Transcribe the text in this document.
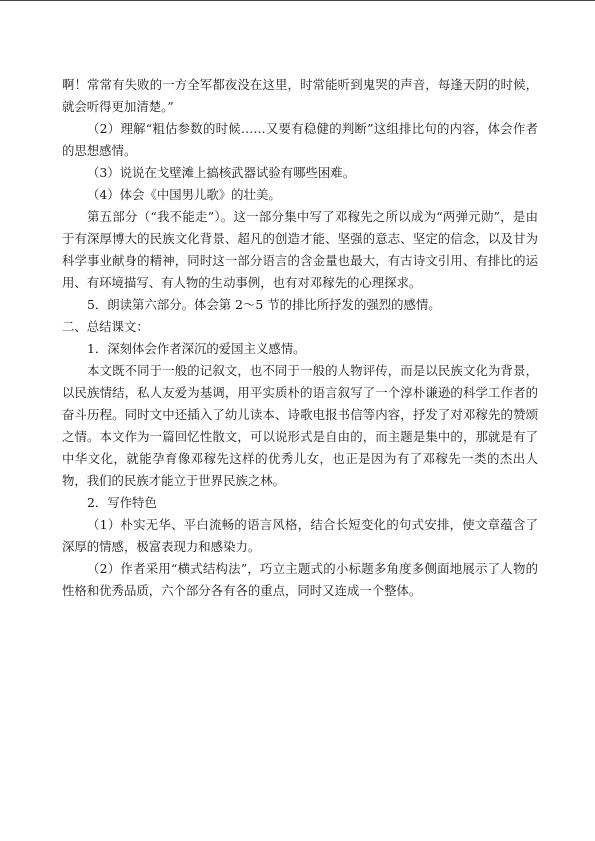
啊！常常有失败的一方全军都夜没在这里，时常能听到鬼哭的声音，每逢天阴的时候，就会听得更加清楚。”

（2）理解“粗估参数的时候……又要有稳健的判断”这组排比句的内容，体会作者的思想感情。

（3）说说在戈壁滩上搞核武器试验有哪些困难。

（4）体会《中国男儿歌》的壮美。

第五部分（“我不能走”）。这一部分集中写了邓稼先之所以成为“两弹元勋”，是由于有深厚博大的民族文化背景、超凡的创造才能、坚强的意志、坚定的信念，以及甘为科学事业献身的精神，同时这一部分语言的含金量也最大，有古诗文引用、有排比的运用、有环境描写、有人物的生动事例，也有对邓稼先的心理探求。

5．朗读第六部分。体会第 2～5 节的排比所抒发的强烈的感情。

二、总结课文：

1．深刻体会作者深沉的爱国主义感情。

本文既不同于一般的记叙文，也不同于一般的人物评传，而是以民族文化为背景，以民族情结，私人友爱为基调，用平实质朴的语言叙写了一个淳朴谦逊的科学工作者的奋斗历程。同时文中还插入了幼儿读本、诗歌电报书信等内容，抒发了对邓稼先的赞颂之情。本文作为一篇回忆性散文，可以说形式是自由的，而主题是集中的，那就是有了中华文化，就能孕育像邓稼先这样的优秀儿女，也正是因为有了邓稼先一类的杰出人物，我们的民族才能立于世界民族之林。

2．写作特色

（1）朴实无华、平白流畅的语言风格，结合长短变化的句式安排，使文章蕴含了深厚的情感，极富表现力和感染力。

（2）作者采用“横式结构法”，巧立主题式的小标题多角度多侧面地展示了人物的性格和优秀品质，六个部分各有各的重点，同时又连成一个整体。
